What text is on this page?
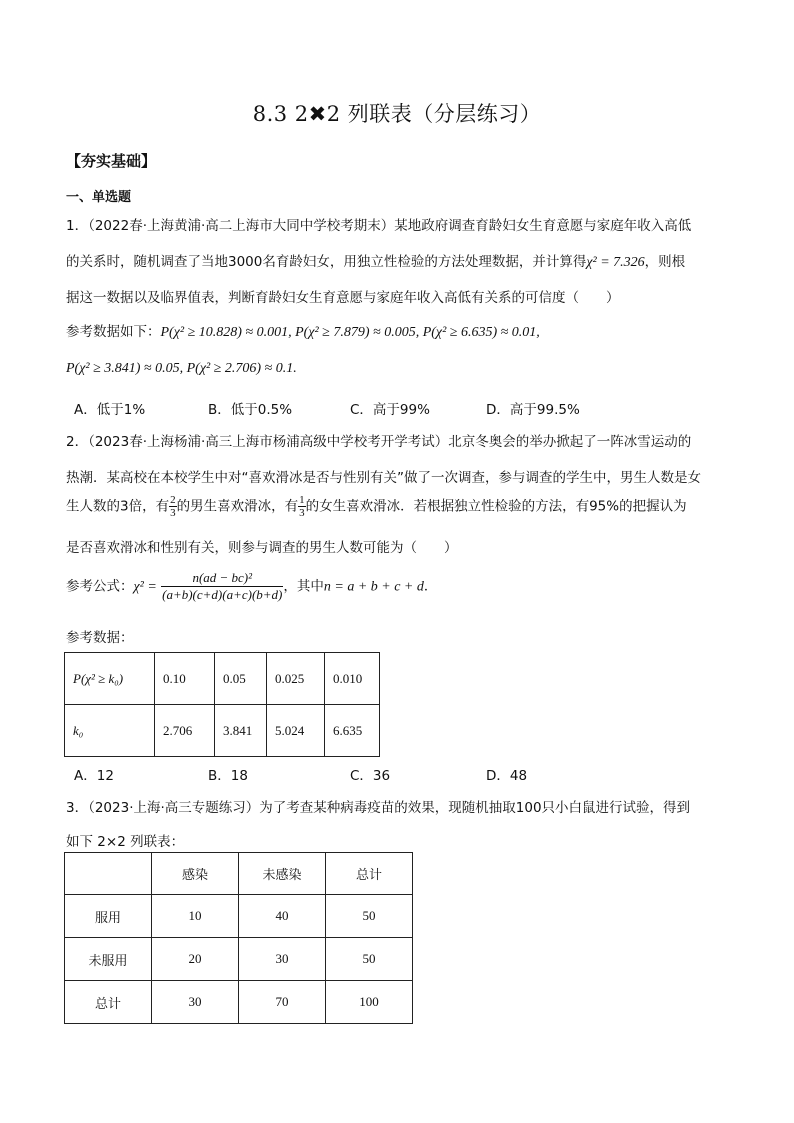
8.3 2✖2 列联表（分层练习）
【夯实基础】
一、单选题
1．（2022春·上海黄浦·高二上海市大同中学校考期末）某地政府调查育龄妇女生育意愿与家庭年收入高低
的关系时，随机调查了当地3000名育龄妇女，用独立性检验的方法处理数据，并计算得χ² = 7.326，则根
据这一数据以及临界值表，判断育龄妇女生育意愿与家庭年收入高低有关系的可信度（　　）
参考数据如下：P(χ² ≥ 10.828) ≈ 0.001, P(χ² ≥ 7.879) ≈ 0.005, P(χ² ≥ 6.635) ≈ 0.01,
P(χ² ≥ 3.841) ≈ 0.05, P(χ² ≥ 2.706) ≈ 0.1.
A．低于1%	B．低于0.5%	C．高于99%	D．高于99.5%
2．（2023春·上海杨浦·高三上海市杨浦高级中学校考开学考试）北京冬奥会的举办掀起了一阵冰雪运动的
热潮．某高校在本校学生中对“喜欢滑冰是否与性别有关”做了一次调查，参与调查的学生中，男生人数是女
生人数的3倍，有 $\frac{2}{3}$ 的男生喜欢滑冰，有 $\frac{1}{3}$ 的女生喜欢滑冰．若根据独立性检验的方法，有95%的把握认为
是否喜欢滑冰和性别有关，则参与调查的男生人数可能为（　　）
参考公式：$\chi^2 = \frac{\text{n(ad − bc)²}}{(a+b)(c+d)(a+c)(b+d)}$ ，其中n = a + b + c + d．
参考数据：
P(χ² ≥ k₀)	0.10	0.05	0.025	0.010
k₀	2.706	3.841	5.024	6.635
A．12	B．18	C．36	D．48
3．（2023·上海·高三专题练习）为了考查某种病毒疫苗的效果，现随机抽取100只小白鼠进行试验，得到
如下 2×2 列联表：
	感染	未感染	总计
服用	10	40	50
未服用	20	30	50
总计	30	70	100
